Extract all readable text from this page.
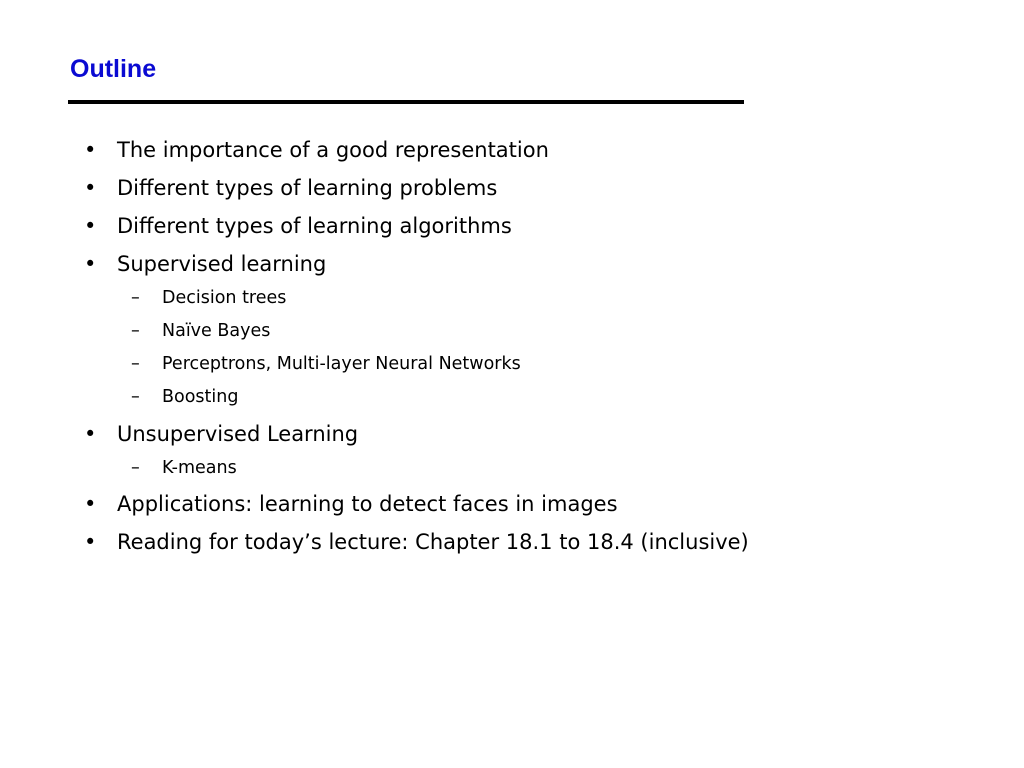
Outline
• The importance of a good representation
• Different types of learning problems
• Different types of learning algorithms
• Supervised learning
– Decision trees
– Naïve Bayes
– Perceptrons, Multi-layer Neural Networks
– Boosting
• Unsupervised Learning
– K-means
• Applications: learning to detect faces in images
• Reading for today’s lecture: Chapter 18.1 to 18.4 (inclusive)
